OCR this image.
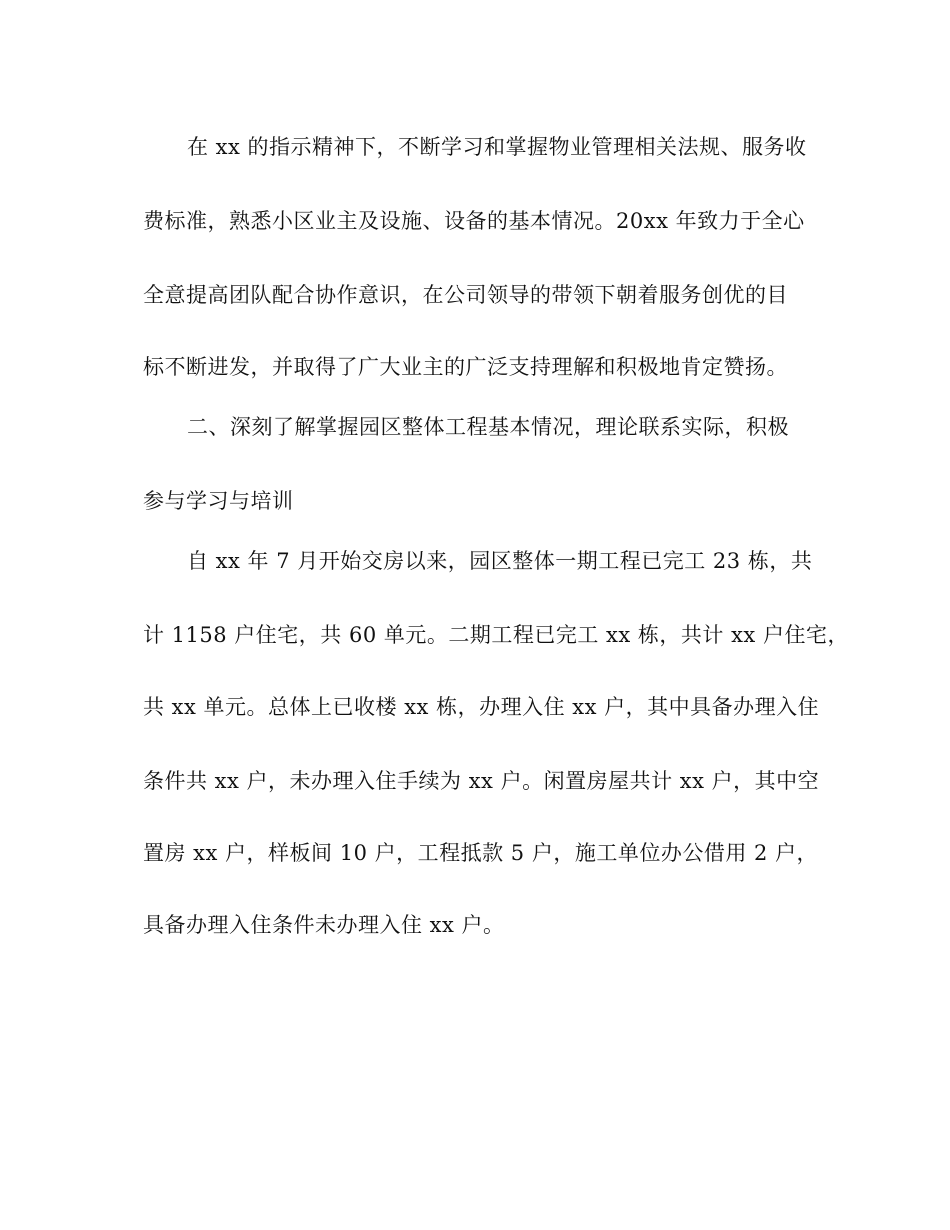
在 xx 的指示精神下，不断学习和掌握物业管理相关法规、服务收
费标准，熟悉小区业主及设施、设备的基本情况。20xx 年致力于全心
全意提高团队配合协作意识，在公司领导的带领下朝着服务创优的目
标不断进发，并取得了广大业主的广泛支持理解和积极地肯定赞扬。
二、深刻了解掌握园区整体工程基本情况，理论联系实际，积极
参与学习与培训
自 xx 年 7 月开始交房以来，园区整体一期工程已完工 23 栋，共
计 1158 户住宅，共 60 单元。二期工程已完工 xx 栋，共计 xx 户住宅，
共 xx 单元。总体上已收楼 xx 栋，办理入住 xx 户，其中具备办理入住
条件共 xx 户，未办理入住手续为 xx 户。闲置房屋共计 xx 户，其中空
置房 xx 户，样板间 10 户，工程抵款 5 户，施工单位办公借用 2 户，
具备办理入住条件未办理入住 xx 户。
